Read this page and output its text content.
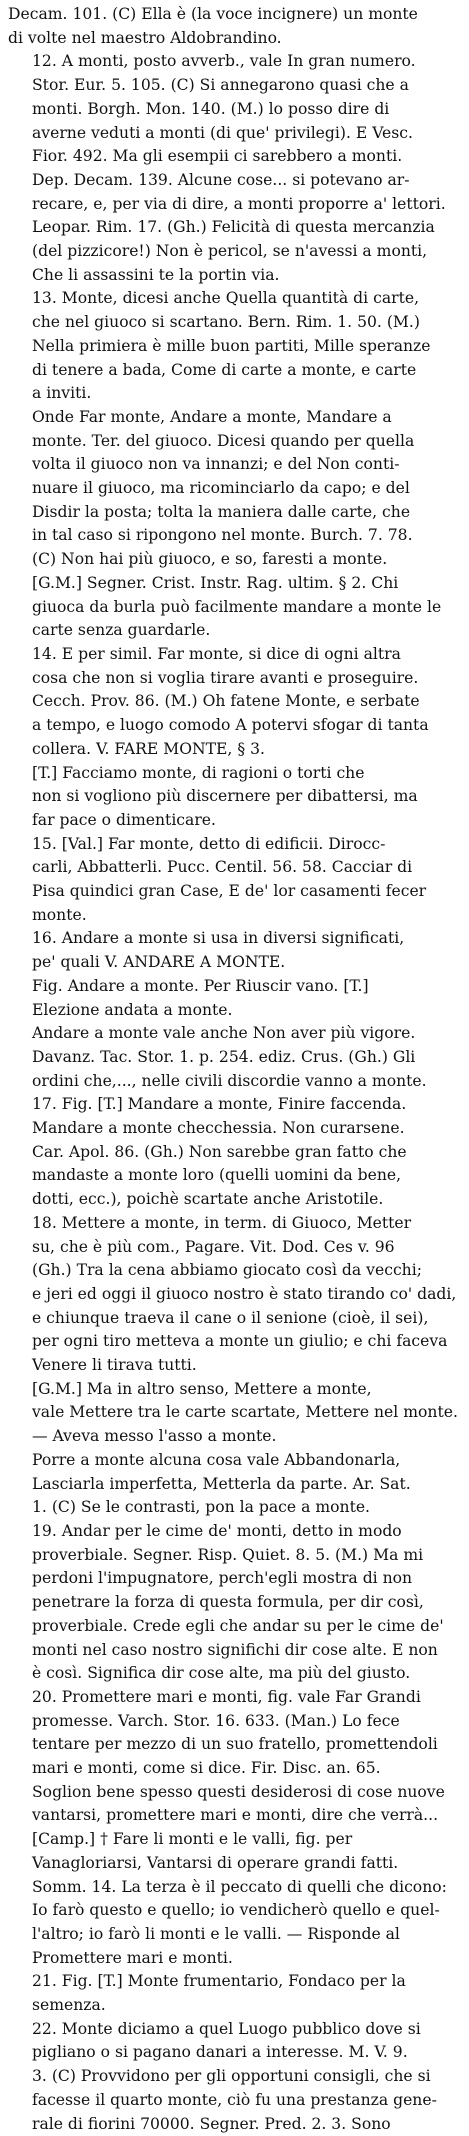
Decam. 101. (C) Ella è (la voce incignere) un monte
di volte nel maestro Aldobrandino.
12. A monti, posto avverb., vale In gran numero.
Stor. Eur. 5. 105. (C) Si annegarono quasi che a
monti. Borgh. Mon. 140. (M.) lo posso dire di
averne veduti a monti (di que' privilegi). E Vesc.
Fior. 492. Ma gli esempii ci sarebbero a monti.
Dep. Decam. 139. Alcune cose... si potevano ar-
recare, e, per via di dire, a monti proporre a' lettori.
Leopar. Rim. 17. (Gh.) Felicità di questa mercanzia
(del pizzicore!) Non è pericol, se n'avessi a monti,
Che li assassini te la portin via.
13. Monte, dicesi anche Quella quantità di carte,
che nel giuoco si scartano. Bern. Rim. 1. 50. (M.)
Nella primiera è mille buon partiti, Mille speranze
di tenere a bada, Come di carte a monte, e carte
a inviti.
Onde Far monte, Andare a monte, Mandare a
monte. Ter. del giuoco. Dicesi quando per quella
volta il giuoco non va innanzi; e del Non conti-
nuare il giuoco, ma ricominciarlo da capo; e del
Disdir la posta; tolta la maniera dalle carte, che
in tal caso si ripongono nel monte. Burch. 7. 78.
(C) Non hai più giuoco, e so, faresti a monte.
[G.M.] Segner. Crist. Instr. Rag. ultim. § 2. Chi
giuoca da burla può facilmente mandare a monte le
carte senza guardarle.
14. E per simil. Far monte, si dice di ogni altra
cosa che non si voglia tirare avanti e proseguire.
Cecch. Prov. 86. (M.) Oh fatene Monte, e serbate
a tempo, e luogo comodo A potervi sfogar di tanta
collera. V. FARE MONTE, § 3.
[T.] Facciamo monte, di ragioni o torti che
non si vogliono più discernere per dibattersi, ma
far pace o dimenticare.
15. [Val.] Far monte, detto di edificii. Dirocc-
carli, Abbatterli. Pucc. Centil. 56. 58. Cacciar di
Pisa quindici gran Case, E de' lor casamenti fecer
monte.
16. Andare a monte si usa in diversi significati,
pe' quali V. ANDARE A MONTE.
Fig. Andare a monte. Per Riuscir vano. [T.]
Elezione andata a monte.
Andare a monte vale anche Non aver più vigore.
Davanz. Tac. Stor. 1. p. 254. ediz. Crus. (Gh.) Gli
ordini che,..., nelle civili discordie vanno a monte.
17. Fig. [T.] Mandare a monte, Finire faccenda.
Mandare a monte checchessia. Non curarsene.
Car. Apol. 86. (Gh.) Non sarebbe gran fatto che
mandaste a monte loro (quelli uomini da bene,
dotti, ecc.), poichè scartate anche Aristotile.
18. Mettere a monte, in term. di Giuoco, Metter
su, che è più com., Pagare. Vit. Dod. Ces v. 96
(Gh.) Tra la cena abbiamo giocato così da vecchi;
e jeri ed oggi il giuoco nostro è stato tirando co' dadi,
e chiunque traeva il cane o il senione (cioè, il sei),
per ogni tiro metteva a monte un giulio; e chi faceva
Venere li tirava tutti.
[G.M.] Ma in altro senso, Mettere a monte,
vale Mettere tra le carte scartate, Mettere nel monte.
— Aveva messo l'asso a monte.
Porre a monte alcuna cosa vale Abbandonarla,
Lasciarla imperfetta, Metterla da parte. Ar. Sat.
1. (C) Se le contrasti, pon la pace a monte.
19. Andar per le cime de' monti, detto in modo
proverbiale. Segner. Risp. Quiet. 8. 5. (M.) Ma mi
perdoni l'impugnatore, perch'egli mostra di non
penetrare la forza di questa formula, per dir così,
proverbiale. Crede egli che andar su per le cime de'
monti nel caso nostro significhi dir cose alte. E non
è così. Significa dir cose alte, ma più del giusto.
20. Promettere mari e monti, fig. vale Far Grandi
promesse. Varch. Stor. 16. 633. (Man.) Lo fece
tentare per mezzo di un suo fratello, promettendoli
mari e monti, come si dice. Fir. Disc. an. 65.
Soglion bene spesso questi desiderosi di cose nuove
vantarsi, promettere mari e monti, dire che verrà...
[Camp.] † Fare li monti e le valli, fig. per
Vanagloriarsi, Vantarsi di operare grandi fatti.
Somm. 14. La terza è il peccato di quelli che dicono:
Io farò questo e quello; io vendicherò quello e quel-
l'altro; io farò li monti e le valli. — Risponde al
Promettere mari e monti.
21. Fig. [T.] Monte frumentario, Fondaco per la
semenza.
22. Monte diciamo a quel Luogo pubblico dove si
pigliano o si pagano danari a interesse. M. V. 9.
3. (C) Provvidono per gli opportuni consigli, che si
facesse il quarto monte, ciò fu una prestanza gene-
rale di fiorini 70000. Segner. Pred. 2. 3. Sono
